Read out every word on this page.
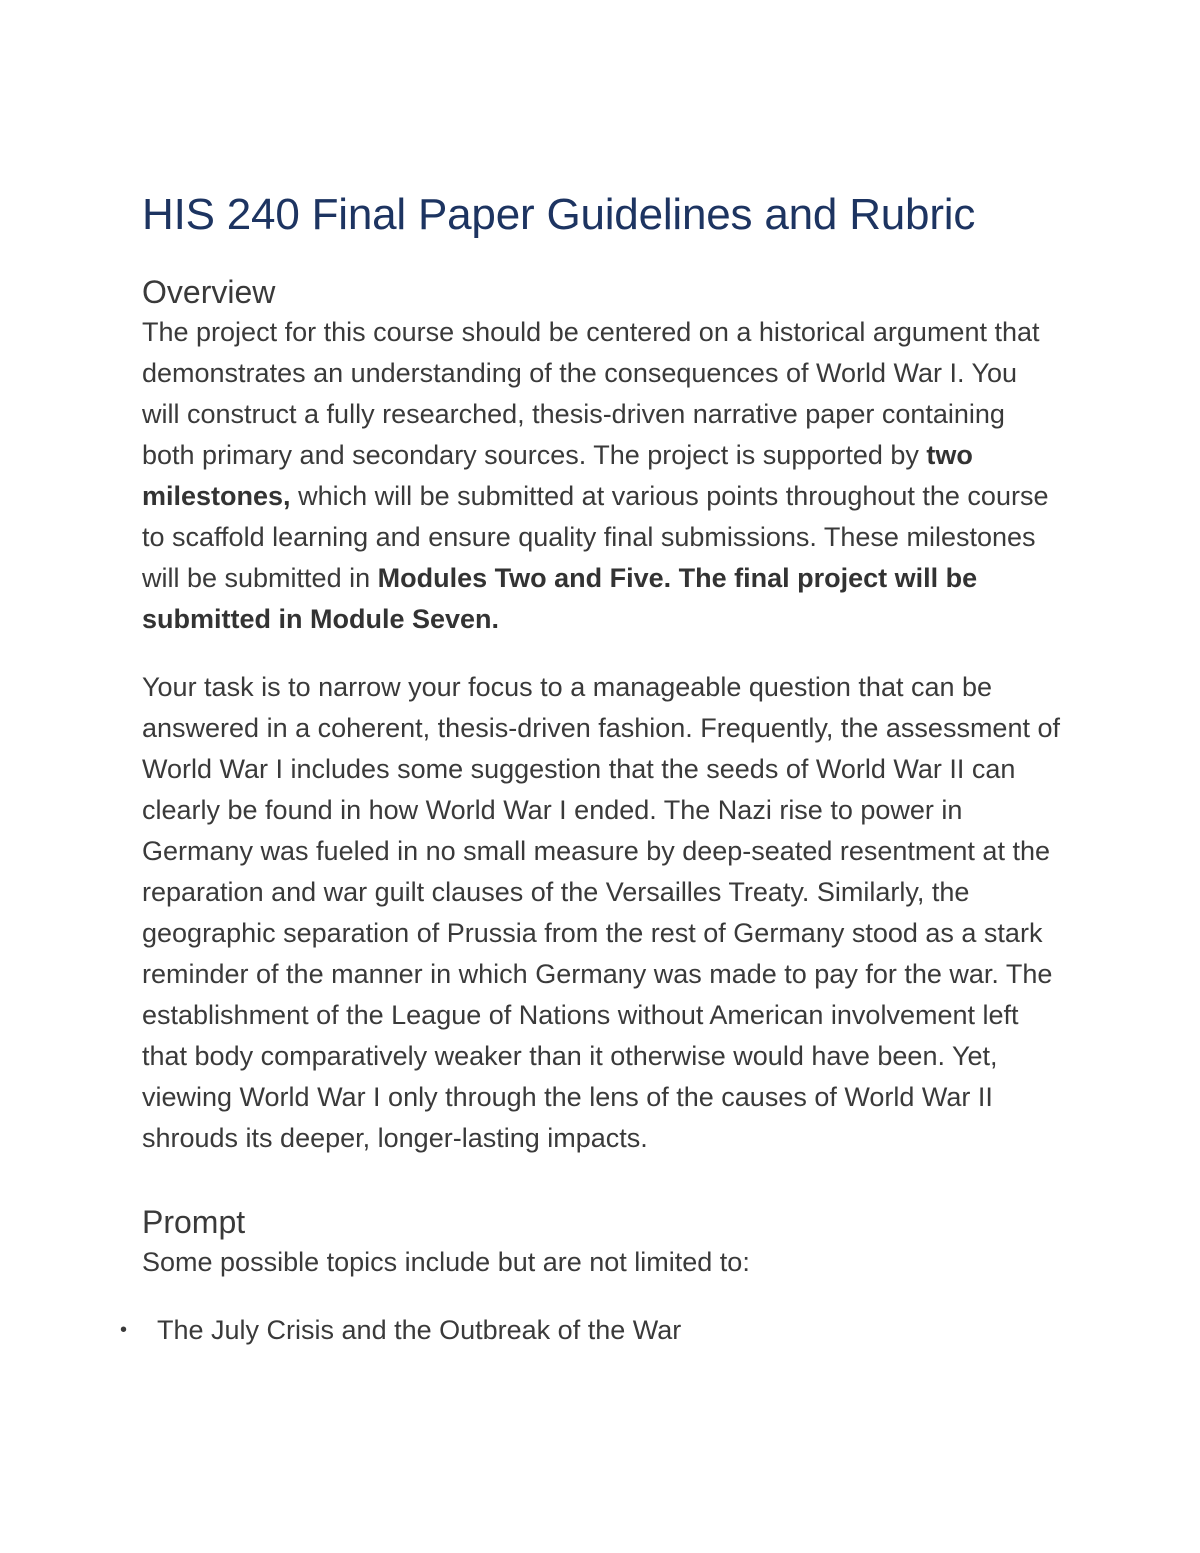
HIS 240 Final Paper Guidelines and Rubric
Overview

The project for this course should be centered on a historical argument that demonstrates an understanding of the consequences of World War I. You will construct a fully researched, thesis-driven narrative paper containing both primary and secondary sources. The project is supported by two milestones, which will be submitted at various points throughout the course to scaffold learning and ensure quality final submissions. These milestones will be submitted in Modules Two and Five. The final project will be submitted in Module Seven.

Your task is to narrow your focus to a manageable question that can be answered in a coherent, thesis-driven fashion. Frequently, the assessment of World War I includes some suggestion that the seeds of World War II can clearly be found in how World War I ended. The Nazi rise to power in Germany was fueled in no small measure by deep-seated resentment at the reparation and war guilt clauses of the Versailles Treaty. Similarly, the geographic separation of Prussia from the rest of Germany stood as a stark reminder of the manner in which Germany was made to pay for the war. The establishment of the League of Nations without American involvement left that body comparatively weaker than it otherwise would have been. Yet, viewing World War I only through the lens of the causes of World War II shrouds its deeper, longer-lasting impacts.

Prompt

Some possible topics include but are not limited to:

• The July Crisis and the Outbreak of the War
